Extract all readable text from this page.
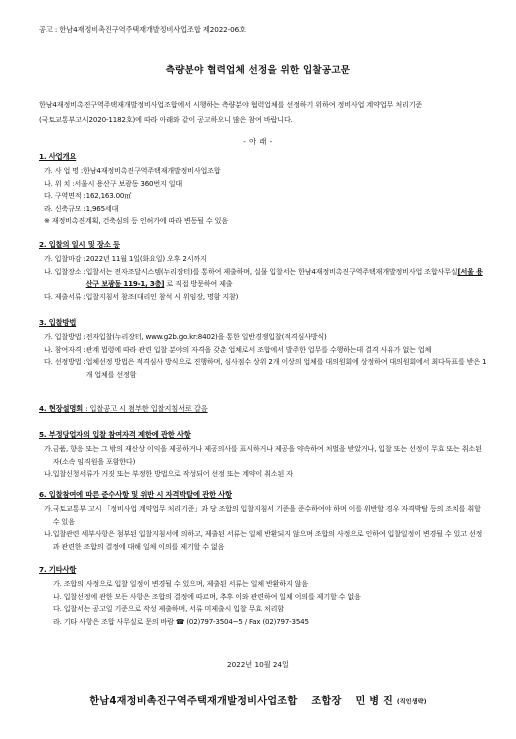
공고 : 한남4재정비촉진구역주택재개발정비사업조합 제2022-06호
측량분야 협력업체 선정을 위한 입찰공고문
한남4재정비촉진구역주택재개발정비사업조합에서 시행하는 측량분야 협력업체를 선정하기 위하여 정비사업 계약업무 처리기준
(국토교통부고시2020-1182호)에 따라 아래와 같이 공고하오니 많은 참여 바랍니다.
- 아 래 -
1. 사업개요
가. 사 업 명 : 한남4재정비촉진구역주택재개발정비사업조합
나. 위 치 : 서울시 용산구 보광동 360번지 일대
다. 구역면적 : 162,163.00㎡
라. 신축규모 : 1,965세대
※ 재정비촉진계획, 건축심의 등 인허가에 따라 변동될 수 있음
2. 입찰의 일시 및 장소 등
가. 입찰마감 : 2022년 11월 1일(화요일) 오후 2시까지
나. 입찰장소 : 입찰서는 전자조달시스템(누리장터)를 통하여 제출하며, 실물 입찰서는 한남4재정비촉진구역주택재개발정비사업 조합사무실[서울 용산구 보광동 119-1, 3층] 로 직접 방문하여 제출
다. 제출서류 : 입찰지침서 참조(대리인 참석 시 위임장, 명함 지참)
3. 입찰방법
가. 입찰방법 : 전자입찰(누리장터, www.g2b.go.kr:8402)을 통한 일반경쟁입찰(적격심사방식)
나. 참여자격 : 관계 법령에 따라 관련 입찰 분야의 자격을 갖춘 업체로서 조합에서 발주한 업무를 수행하는데 결격 사유가 없는 업체
다. 선정방법 : 업체선정 방법은 적격심사 방식으로 진행하며, 심사점수 상위 2개 이상의 업체를 대의원회에 상정하여 대의원회에서 최다득표를 받은 1개 업체를 선정함
4. 현장설명회 : 입찰공고 시 첨부한 입찰지침서로 갈음
5. 부정당업자의 입찰 참여자격 제한에 관한 사항
가. 금품, 향응 또는 그 밖의 재산상 이익을 제공하거나 제공의사를 표시하거나 제공을 약속하여 처벌을 받았거나, 입찰 또는 선정이 무효 또는 취소된 자(소속 임직원을 포함한다)
나. 입찰신청서류가 거짓 또는 부정한 방법으로 작성되어 선정 또는 계약이 취소된 자
6. 입찰참여에 따른 준수사항 및 위반 시 자격박탈에 관한 사항
가. 국토교통부 고시 「정비사업 계약업무 처리기준」과 당 조합의 입찰지침서 기준을 준수하여야 하며 이를 위반할 경우 자격박탈 등의 조치를 취할 수 있음
나. 입찰관련 세부사항은 첨부된 입찰지침서에 의하고, 제출된 서류는 일체 반환되지 않으며 조합의 사정으로 인하여 입찰일정이 변경될 수 있고 선정과 관련한 조합의 결정에 대해 일체 이의를 제기할 수 없음
7. 기타사항
가. 조합의 사정으로 입찰 일정이 변경될 수 있으며, 제출된 서류는 일체 반환하지 않음
나. 입찰선정에 관한 모든 사항은 조합의 결정에 따르며, 추후 이와 관련하여 일체 이의를 제기할 수 없음
다. 입찰서는 공고일 기준으로 작성 제출하며, 서류 미제출시 입찰 무효 처리함
라. 기타 사항은 조합 사무실로 문의 바람 ☎ (02)797-3504~5 / Fax (02)797-3545
2022년 10월 24일
한남4재정비촉진구역주택재개발정비사업조합 조합장 민 병 진 (직인생략)
